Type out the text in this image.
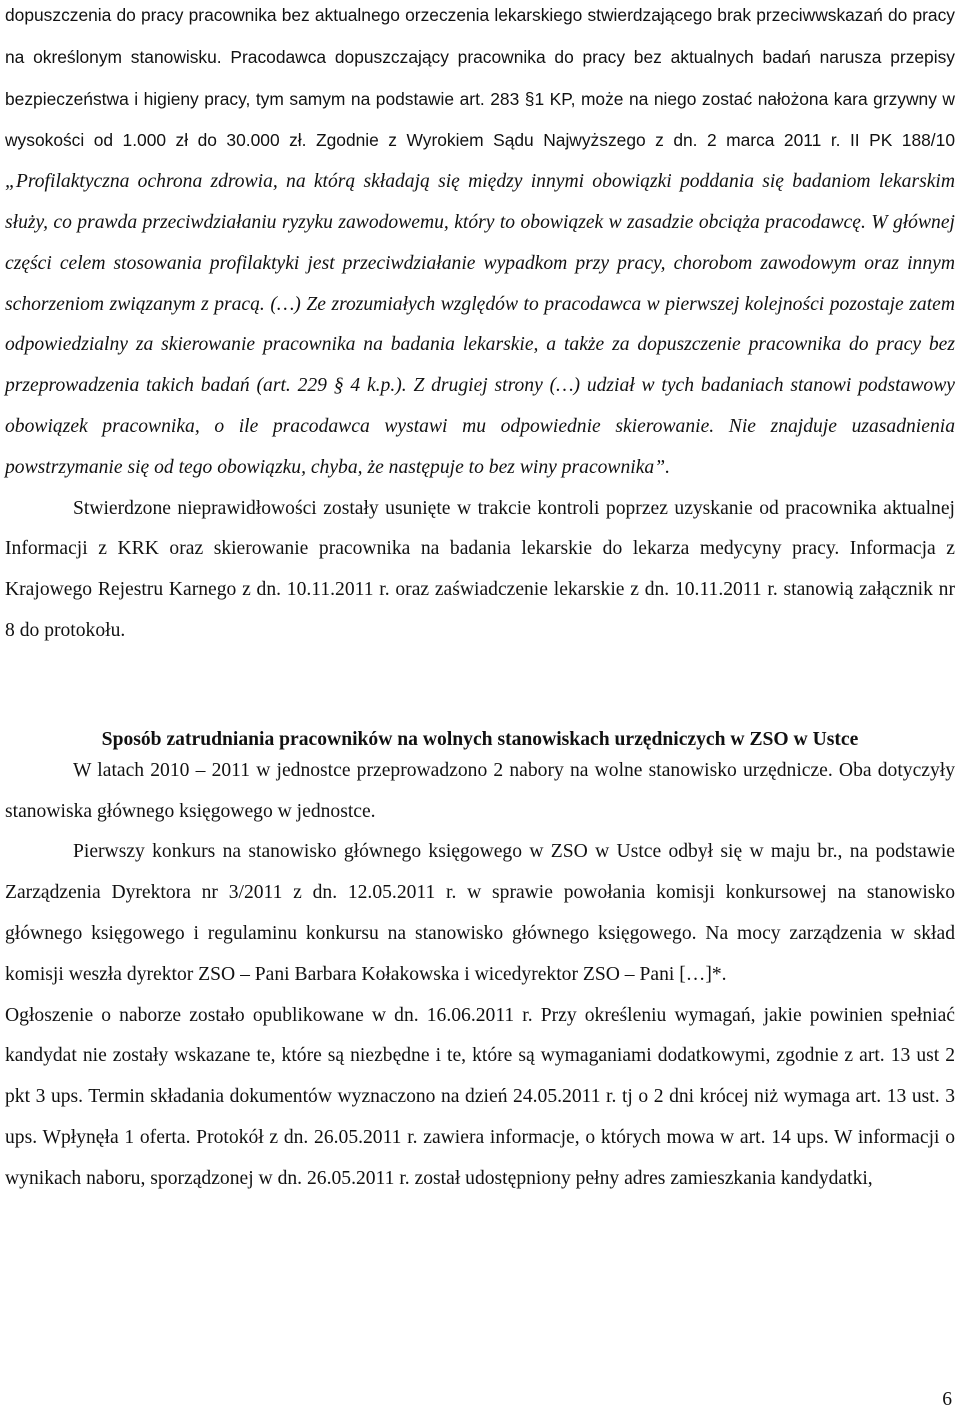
dopuszczenia do pracy pracownika bez aktualnego orzeczenia lekarskiego stwierdzającego brak przeciwwskazań do pracy na określonym stanowisku. Pracodawca dopuszczający pracownika do pracy bez aktualnych badań narusza przepisy bezpieczeństwa i higieny pracy, tym samym na podstawie art. 283 §1 KP, może na niego zostać nałożona kara grzywny w wysokości od 1.000 zł do 30.000 zł. Zgodnie z Wyrokiem Sądu Najwyższego z dn. 2 marca 2011 r. II PK 188/10 „Profilaktyczna ochrona zdrowia, na którą składają się między innymi obowiązki poddania się badaniom lekarskim służy, co prawda przeciwdziałaniu ryzyku zawodowemu, który to obowiązek w zasadzie obciąża pracodawcę. W głównej części celem stosowania profilaktyki jest przeciwdziałanie wypadkom przy pracy, chorobom zawodowym oraz innym schorzeniom związanym z pracą. (…) Ze zrozumiałych względów to pracodawca w pierwszej kolejności pozostaje zatem odpowiedzialny za skierowanie pracownika na badania lekarskie, a także za dopuszczenie pracownika do pracy bez przeprowadzenia takich badań (art. 229 § 4 k.p.). Z drugiej strony (…) udział w tych badaniach stanowi podstawowy obowiązek pracownika, o ile pracodawca wystawi mu odpowiednie skierowanie. Nie znajduje uzasadnienia powstrzymanie się od tego obowiązku, chyba, że następuje to bez winy pracownika”.

Stwierdzone nieprawidłowości zostały usunięte w trakcie kontroli poprzez uzyskanie od pracownika aktualnej Informacji z KRK oraz skierowanie pracownika na badania lekarskie do lekarza medycyny pracy. Informacja z Krajowego Rejestru Karnego z dn. 10.11.2011 r. oraz zaświadczenie lekarskie z dn. 10.11.2011 r. stanowią załącznik nr 8 do protokołu.

Sposób zatrudniania pracowników na wolnych stanowiskach urzędniczych w ZSO w Ustce

W latach 2010 – 2011 w jednostce przeprowadzono 2 nabory na wolne stanowisko urzędnicze. Oba dotyczyły stanowiska głównego księgowego w jednostce.

Pierwszy konkurs na stanowisko głównego księgowego w ZSO w Ustce odbył się w maju br., na podstawie Zarządzenia Dyrektora nr 3/2011 z dn. 12.05.2011 r. w sprawie powołania komisji konkursowej na stanowisko głównego księgowego i regulaminu konkursu na stanowisko głównego księgowego. Na mocy zarządzenia w skład komisji weszła dyrektor ZSO – Pani Barbara Kołakowska i wicedyrektor ZSO – Pani […]*.

Ogłoszenie o naborze zostało opublikowane w dn. 16.06.2011 r. Przy określeniu wymagań, jakie powinien spełniać kandydat nie zostały wskazane te, które są niezbędne i te, które są wymaganiami dodatkowymi, zgodnie z art. 13 ust 2 pkt 3 ups. Termin składania dokumentów wyznaczono na dzień 24.05.2011 r. tj o 2 dni krócej niż wymaga art. 13 ust. 3 ups. Wpłynęła 1 oferta. Protokół z dn. 26.05.2011 r. zawiera informacje, o których mowa w art. 14 ups. W informacji o wynikach naboru, sporządzonej w dn. 26.05.2011 r. został udostępniony pełny adres zamieszkania kandydatki,

6
